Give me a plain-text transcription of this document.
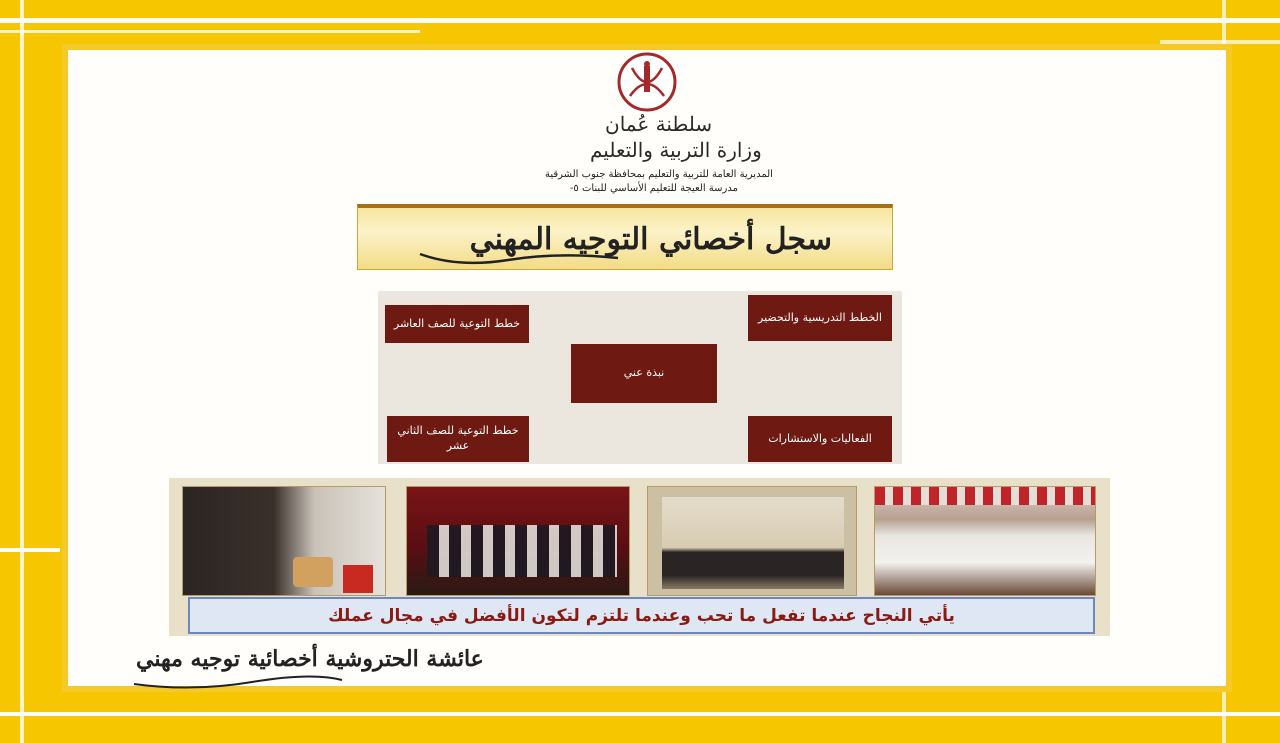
سلطنة عُمان
وزارة التربية والتعليم
المديرية العامة للتربية والتعليم بمحافظة جنوب الشرقية
مدرسة العيجة للتعليم الأساسي للبنات ٥-
سجل أخصائي التوجيه المهني
خطط التوعية للصف العاشر	الخطط التدريسية والتحضير
نبذة عني
خطط التوعية للصف الثاني عشر
الفعاليات والاستشارات
يأتي النجاح عندما تفعل ما تحب وعندما تلتزم لتكون الأفضل في مجال عملك
عائشة الحتروشية أخصائية توجيه مهني
